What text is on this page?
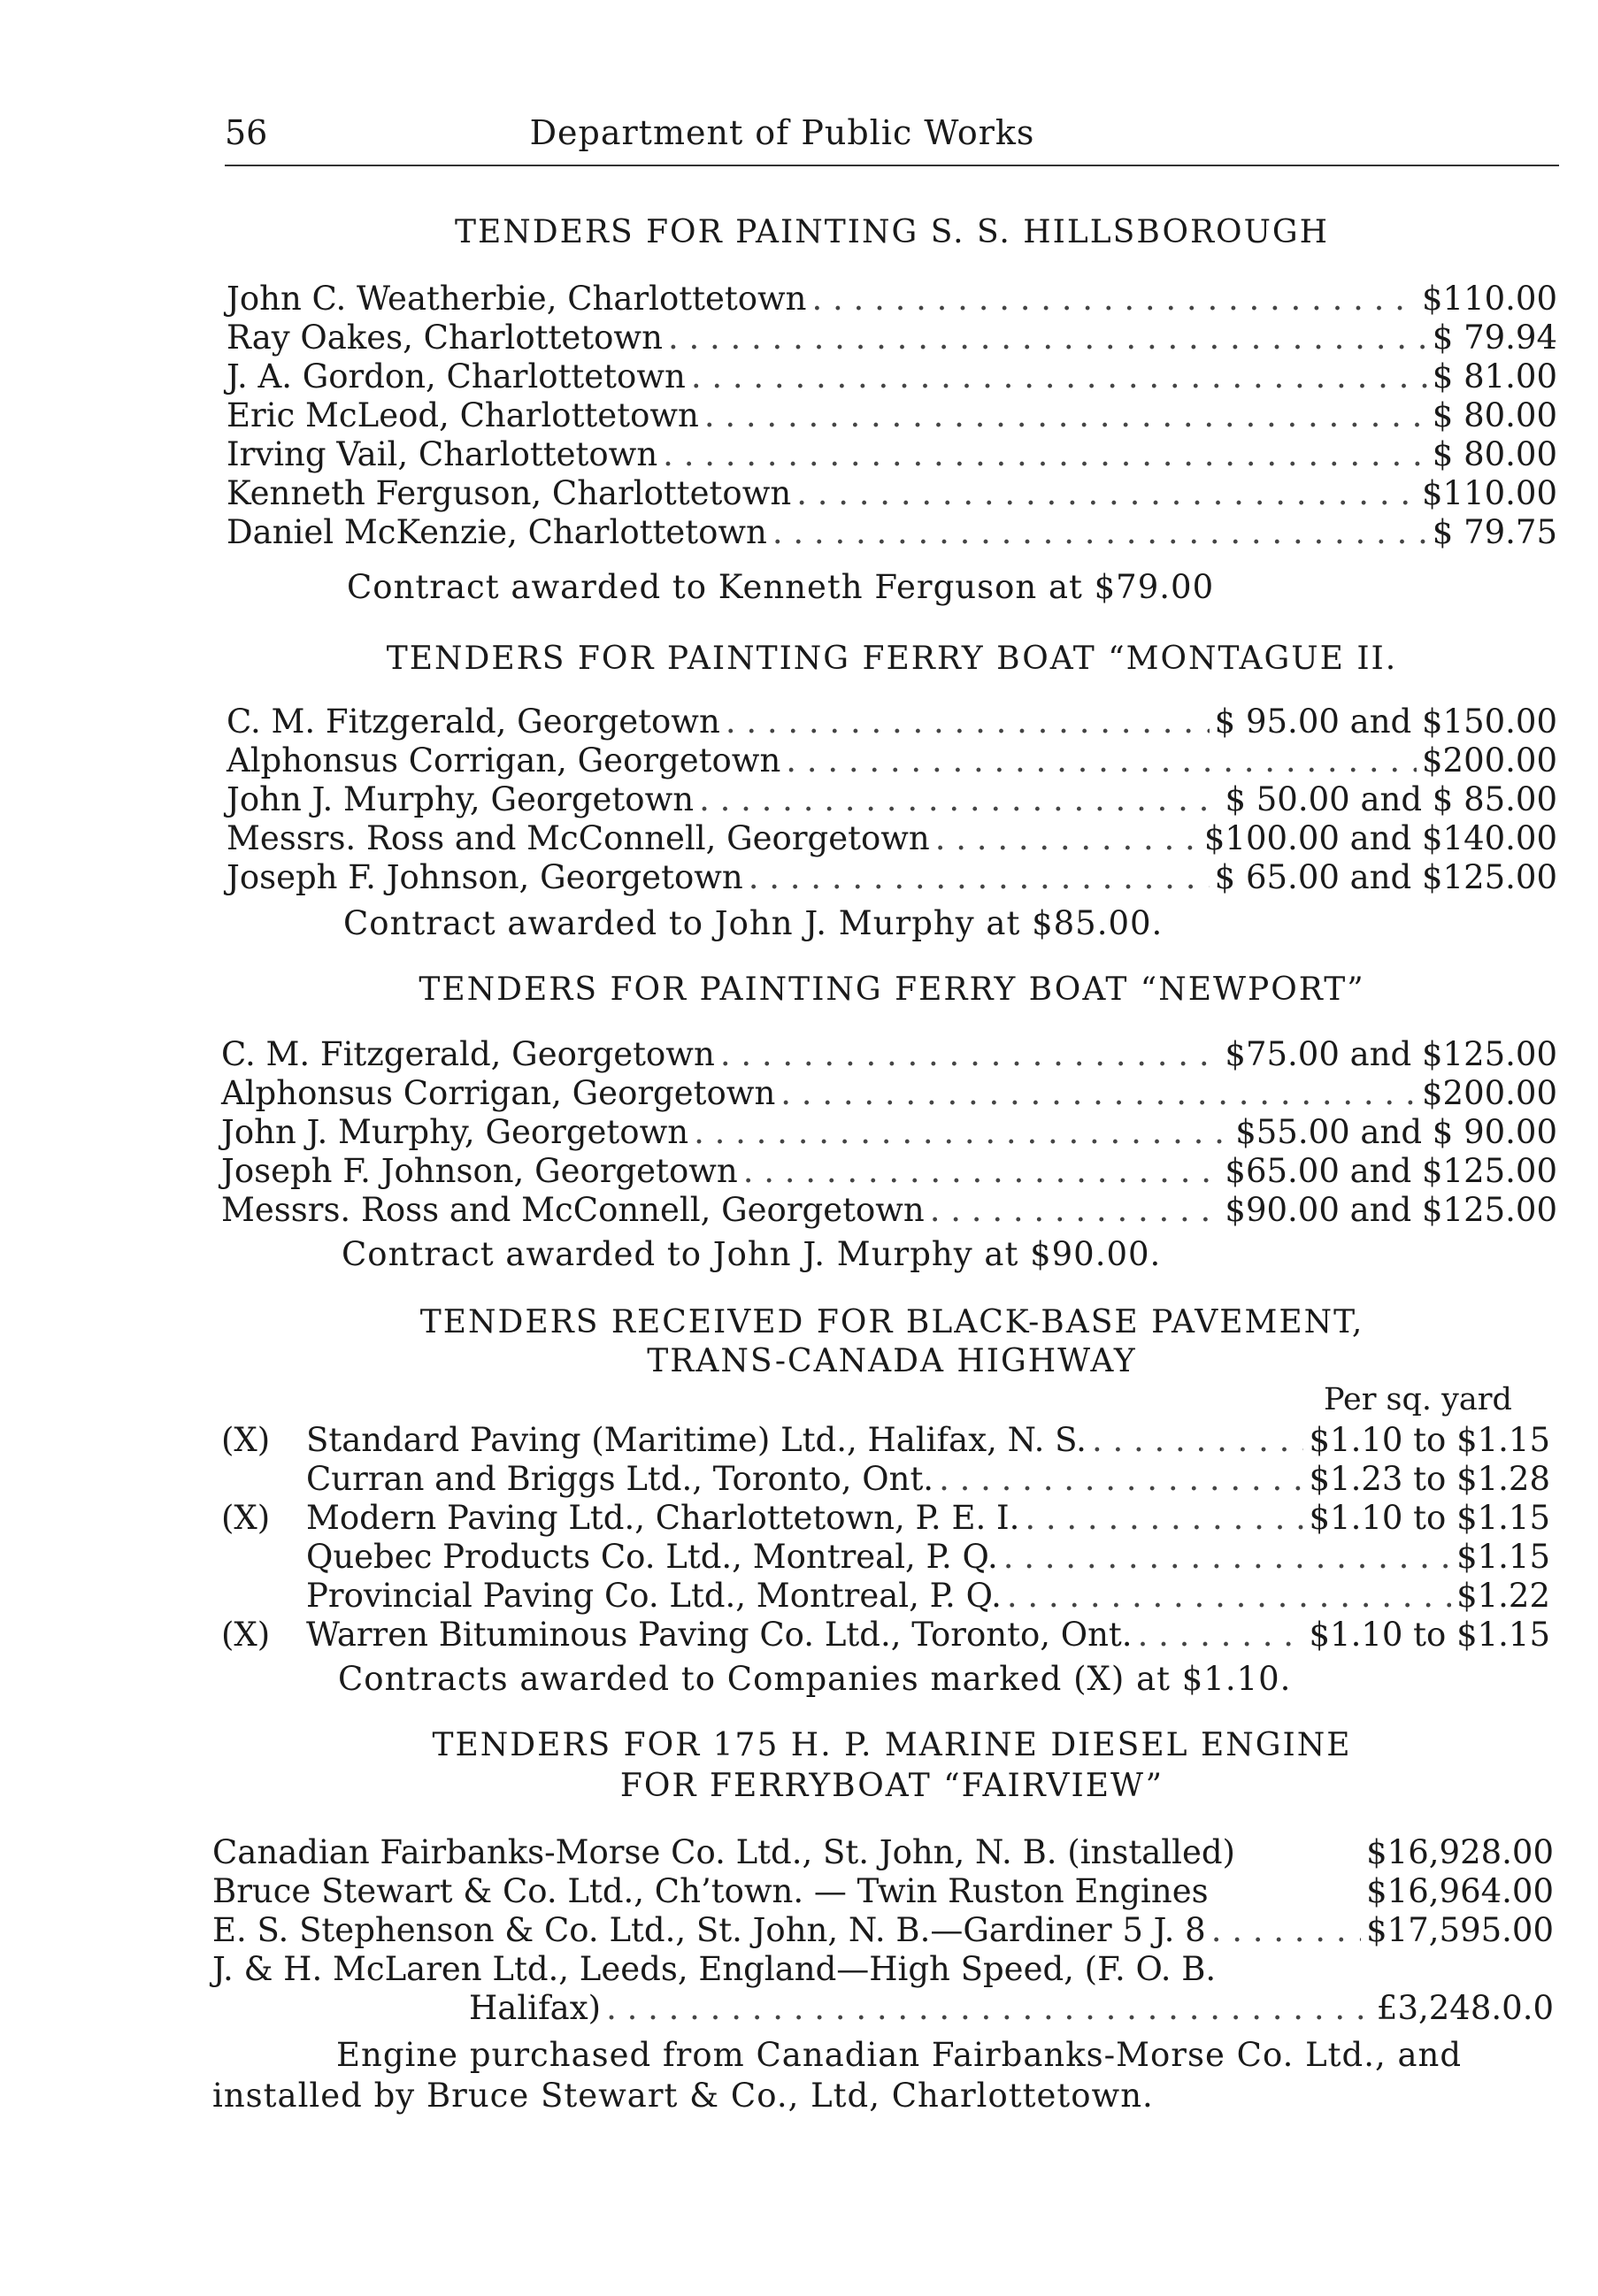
56	Department of Public Works
TENDERS FOR PAINTING S. S. HILLSBOROUGH
John C. Weatherbie, Charlottetown . . .	$110.00
Ray Oakes, Charlottetown . . .	$ 79.94
J. A. Gordon, Charlottetown . . .	$ 81.00
Eric McLeod, Charlottetown . . .	$ 80.00
Irving Vail, Charlottetown . . .	$ 80.00
Kenneth Ferguson, Charlottetown . . .	$110.00
Daniel McKenzie, Charlottetown . . .	$ 79.75
Contract awarded to Kenneth Ferguson at $79.00
TENDERS FOR PAINTING FERRY BOAT “MONTAGUE II.
C. M. Fitzgerald, Georgetown . . .	$ 95.00 and $150.00
Alphonsus Corrigan, Georgetown . . .	$200.00
John J. Murphy, Georgetown . . .	$ 50.00 and $ 85.00
Messrs. Ross and McConnell, Georgetown . . .	$100.00 and $140.00
Joseph F. Johnson, Georgetown . . .	$ 65.00 and $125.00
Contract awarded to John J. Murphy at $85.00.
TENDERS FOR PAINTING FERRY BOAT “NEWPORT”
C. M. Fitzgerald, Georgetown . . .	$75.00 and $125.00
Alphonsus Corrigan, Georgetown . . .	$200.00
John J. Murphy, Georgetown . . .	$55.00 and $ 90.00
Joseph F. Johnson, Georgetown . . .	$65.00 and $125.00
Messrs. Ross and McConnell, Georgetown . . .	$90.00 and $125.00
Contract awarded to John J. Murphy at $90.00.
TENDERS RECEIVED FOR BLACK-BASE PAVEMENT,
TRANS-CANADA HIGHWAY
Per sq. yard
(X) Standard Paving (Maritime) Ltd., Halifax, N. S. . . .	$1.10 to $1.15
Curran and Briggs Ltd., Toronto, Ont. . . .	$1.23 to $1.28
(X) Modern Paving Ltd., Charlottetown, P. E. I. . . .	$1.10 to $1.15
Quebec Products Co. Ltd., Montreal, P. Q. . . .	$1.15
Provincial Paving Co. Ltd., Montreal, P. Q. . . .	$1.22
(X) Warren Bituminous Paving Co. Ltd., Toronto, Ont. . . .	$1.10 to $1.15
Contracts awarded to Companies marked (X) at $1.10.
TENDERS FOR 175 H. P. MARINE DIESEL ENGINE
FOR FERRYBOAT “FAIRVIEW”
Canadian Fairbanks-Morse Co. Ltd., St. John, N. B. (installed)	$16,928.00
Bruce Stewart & Co. Ltd., Ch’town. — Twin Ruston Engines	$16,964.00
E. S. Stephenson & Co. Ltd., St. John, N. B.—Gardiner 5 J. 8 . . .	$17,595.00
J. & H. McLaren Ltd., Leeds, England—High Speed, (F. O. B.
Halifax) . . .	£3,248.0.0
Engine purchased from Canadian Fairbanks-Morse Co. Ltd., and installed by Bruce Stewart & Co., Ltd, Charlottetown.
